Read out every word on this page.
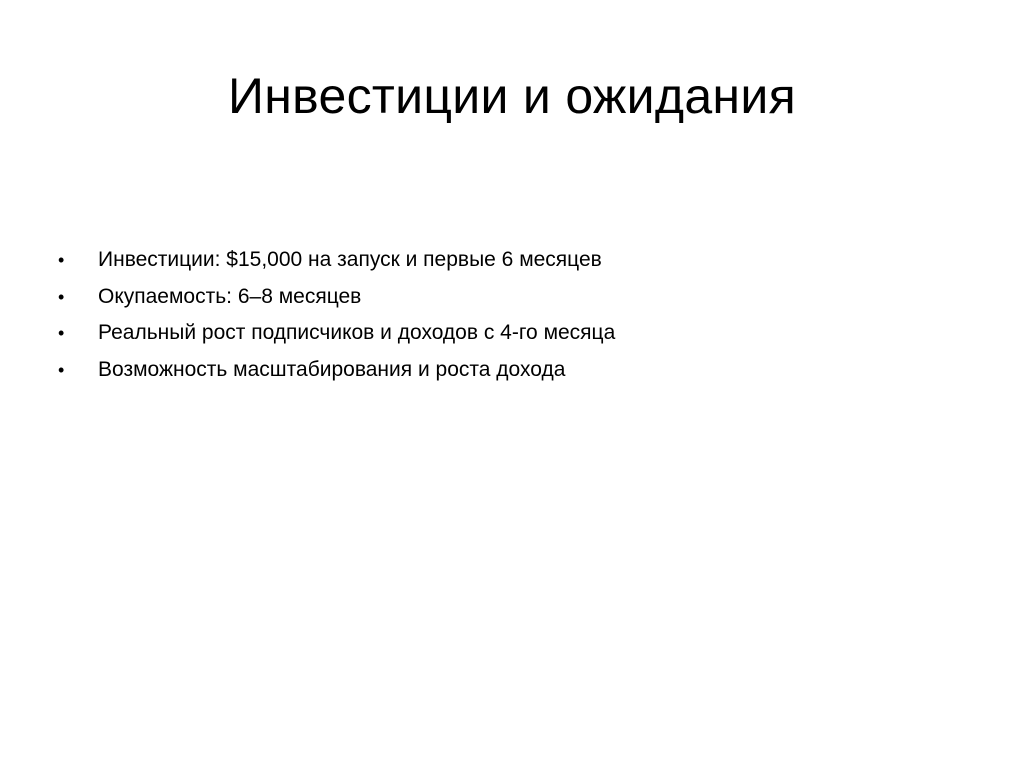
Инвестиции и ожидания
•	Инвестиции: $15,000 на запуск и первые 6 месяцев
•	Окупаемость: 6–8 месяцев
•	Реальный рост подписчиков и доходов с 4-го месяца
•	Возможность масштабирования и роста дохода
